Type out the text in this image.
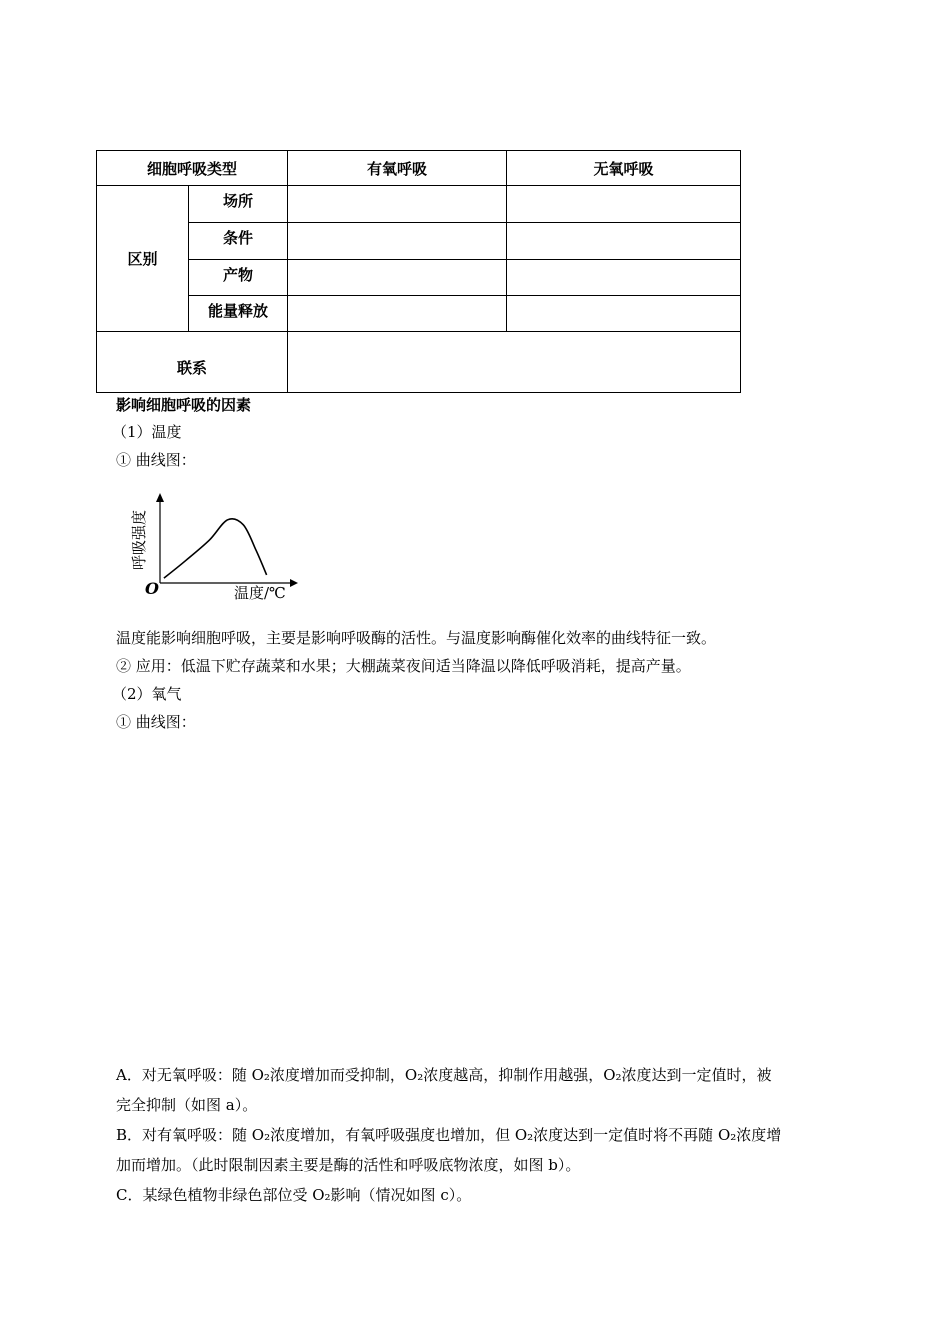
细胞呼吸类型		有氧呼吸	无氧呼吸
区别	场所		
	条件		
	产物		
	能量释放		
联系			
影响细胞呼吸的因素
（1）温度
① 曲线图：
呼吸强度
O	温度/℃
温度能影响细胞呼吸，主要是影响呼吸酶的活性。与温度影响酶催化效率的曲线特征一致。
② 应用：低温下贮存蔬菜和水果；大棚蔬菜夜间适当降温以降低呼吸消耗，提高产量。
（2）氧气
① 曲线图：
A．对无氧呼吸：随 O₂浓度增加而受抑制，O₂浓度越高，抑制作用越强，O₂浓度达到一定值时，被
完全抑制（如图 a）。
B．对有氧呼吸：随 O₂浓度增加，有氧呼吸强度也增加，但 O₂浓度达到一定值时将不再随 O₂浓度增
加而增加。（此时限制因素主要是酶的活性和呼吸底物浓度，如图 b）。
C．某绿色植物非绿色部位受 O₂影响（情况如图 c）。
